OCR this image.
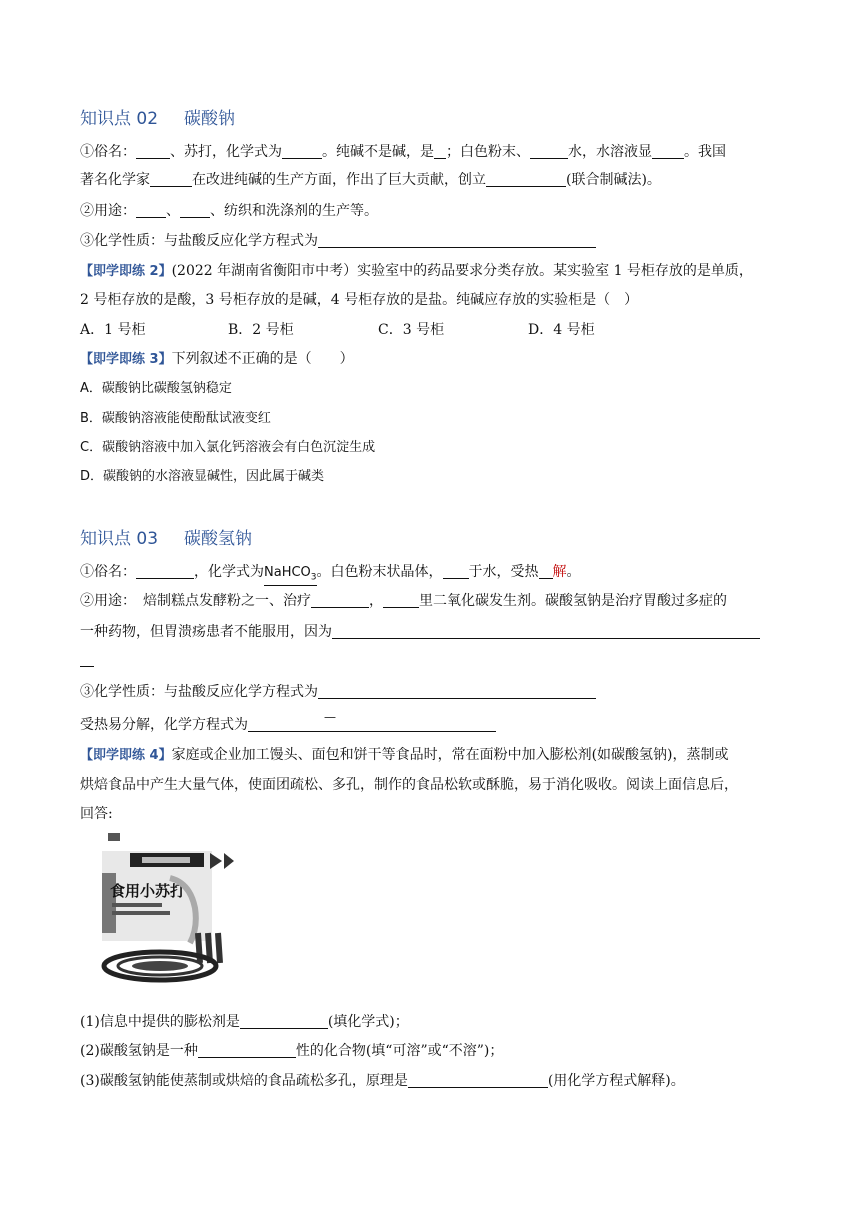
知识点 02 碳酸钠
①俗名： 、苏打，化学式为	。纯碱不是碱，是 ；白色粉末、	水，水溶液显 。我国
著名化学家	在改进纯碱的生产方面，作出了巨大贡献，创立	(联合制碱法)。
②用途： 、 、纺织和洗涤剂的生产等。
③化学性质：与盐酸反应化学方程式为
【即学即练 2】(2022 年湖南省衡阳市中考）实验室中的药品要求分类存放。某实验室 1 号柜存放的是单质，
2 号柜存放的是酸，3 号柜存放的是碱，4 号柜存放的是盐。纯碱应存放的实验柜是（　）
A．1 号柜	B．2 号柜	C．3 号柜	D．4 号柜
【即学即练 3】下列叙述不正确的是（　　）
A．碳酸钠比碳酸氢钠稳定
B．碳酸钠溶液能使酚酞试液变红
C．碳酸钠溶液中加入氯化钙溶液会有白色沉淀生成
D．碳酸钠的水溶液显碱性，因此属于碱类
知识点 03 碳酸氢钠
①俗名：	，化学式为NaHCO$_3$。白色粉末状晶体， 于水，受热 解。
②用途：　焙制糕点发酵粉之一、治疗	，	里二氧化碳发生剂。碳酸氢钠是治疗胃酸过多症的
一种药物，但胃溃疡患者不能服用，因为
③化学性质：与盐酸反应化学方程式为
受热易分解，化学方程式为	—
【即学即练 4】家庭或企业加工馒头、面包和饼干等食品时，常在面粉中加入膨松剂(如碳酸氢钠)，蒸制或
烘焙食品中产生大量气体，使面团疏松、多孔，制作的食品松软或酥脆，易于消化吸收。阅读上面信息后，
回答:
食用小苏打
(1)信息中提供的膨松剂是	(填化学式)；
(2)碳酸氢钠是一种	性的化合物(填“可溶”或“不溶”)；
(3)碳酸氢钠能使蒸制或烘焙的食品疏松多孔，原理是	(用化学方程式解释)。
